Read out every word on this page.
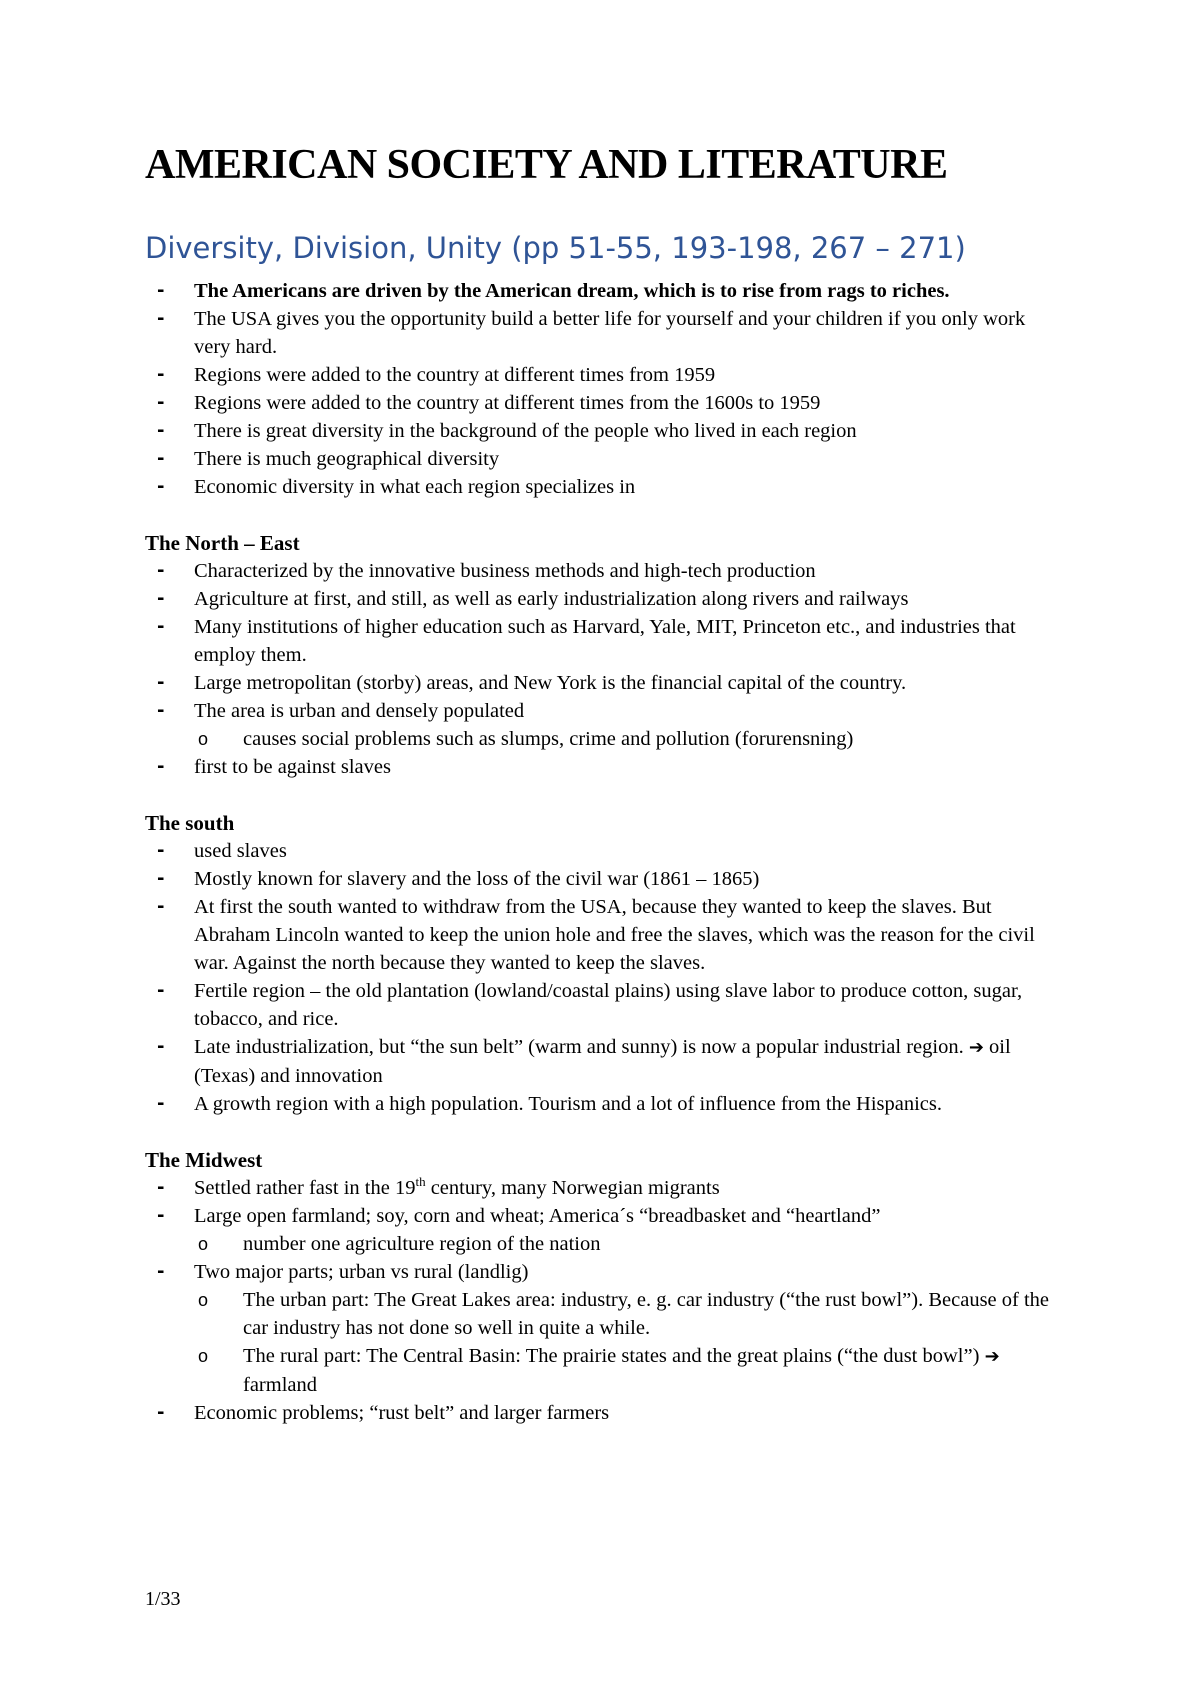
AMERICAN SOCIETY AND LITERATURE
Diversity, Division, Unity (pp 51-55, 193-198, 267 – 271)
- The Americans are driven by the American dream, which is to rise from rags to riches.
- The USA gives you the opportunity build a better life for yourself and your children if you only work very hard.
- Regions were added to the country at different times from 1959
- Regions were added to the country at different times from the 1600s to 1959
- There is great diversity in the background of the people who lived in each region
- There is much geographical diversity
- Economic diversity in what each region specializes in
The North – East
- Characterized by the innovative business methods and high-tech production
- Agriculture at first, and still, as well as early industrialization along rivers and railways
- Many institutions of higher education such as Harvard, Yale, MIT, Princeton etc., and industries that employ them.
- Large metropolitan (storby) areas, and New York is the financial capital of the country.
- The area is urban and densely populated
o causes social problems such as slumps, crime and pollution (forurensning)
- first to be against slaves
The south
- used slaves
- Mostly known for slavery and the loss of the civil war (1861 – 1865)
- At first the south wanted to withdraw from the USA, because they wanted to keep the slaves. But Abraham Lincoln wanted to keep the union hole and free the slaves, which was the reason for the civil war. Against the north because they wanted to keep the slaves.
- Fertile region – the old plantation (lowland/coastal plains) using slave labor to produce cotton, sugar, tobacco, and rice.
- Late industrialization, but “the sun belt” (warm and sunny) is now a popular industrial region. ➔ oil (Texas) and innovation
- A growth region with a high population. Tourism and a lot of influence from the Hispanics.
The Midwest
- Settled rather fast in the 19th century, many Norwegian migrants
- Large open farmland; soy, corn and wheat; America´s “breadbasket and “heartland”
o number one agriculture region of the nation
- Two major parts; urban vs rural (landlig)
o The urban part: The Great Lakes area: industry, e. g. car industry (“the rust bowl”). Because of the car industry has not done so well in quite a while.
o The rural part: The Central Basin: The prairie states and the great plains (“the dust bowl”) ➔ farmland
- Economic problems; “rust belt” and larger farmers
1/33
